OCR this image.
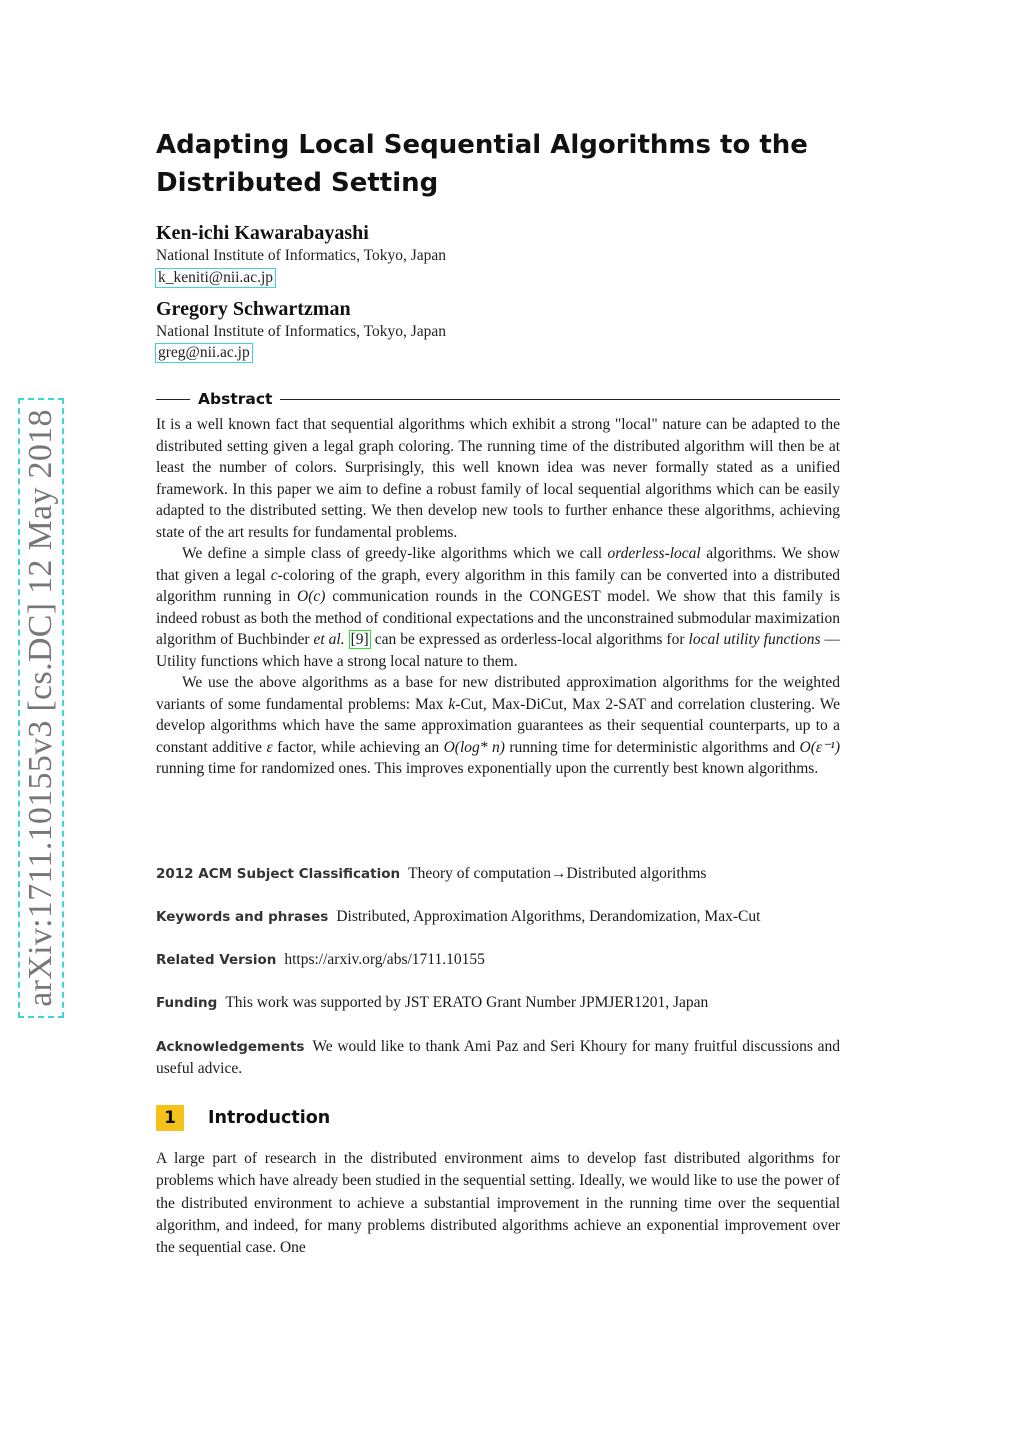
arXiv:1711.10155v3 [cs.DC] 12 May 2018
Adapting Local Sequential Algorithms to the
Distributed Setting
Ken-ichi Kawarabayashi
National Institute of Informatics, Tokyo, Japan
k_keniti@nii.ac.jp
Gregory Schwartzman
National Institute of Informatics, Tokyo, Japan
greg@nii.ac.jp
Abstract

It is a well known fact that sequential algorithms which exhibit a strong "local" nature can be adapted to the distributed setting given a legal graph coloring. The running time of the distributed algorithm will then be at least the number of colors. Surprisingly, this well known idea was never formally stated as a unified framework. In this paper we aim to define a robust family of local sequential algorithms which can be easily adapted to the distributed setting. We then develop new tools to further enhance these algorithms, achieving state of the art results for fundamental problems.

We define a simple class of greedy-like algorithms which we call orderless-local algorithms. We show that given a legal c-coloring of the graph, every algorithm in this family can be converted into a distributed algorithm running in O(c) communication rounds in the CONGEST model. We show that this family is indeed robust as both the method of conditional expectations and the unconstrained submodular maximization algorithm of Buchbinder et al. [9] can be expressed as orderless-local algorithms for local utility functions — Utility functions which have a strong local nature to them.

We use the above algorithms as a base for new distributed approximation algorithms for the weighted variants of some fundamental problems: Max k-Cut, Max-DiCut, Max 2-SAT and correlation clustering. We develop algorithms which have the same approximation guarantees as their sequential counterparts, up to a constant additive ε factor, while achieving an O(log* n) running time for deterministic algorithms and O(ε⁻¹) running time for randomized ones. This improves exponentially upon the currently best known algorithms.

2012 ACM Subject Classification Theory of computation→Distributed algorithms
Keywords and phrases Distributed, Approximation Algorithms, Derandomization, Max-Cut
Related Version https://arxiv.org/abs/1711.10155
Funding This work was supported by JST ERATO Grant Number JPMJER1201, Japan
Acknowledgements We would like to thank Ami Paz and Seri Khoury for many fruitful discussions and useful advice.
1	Introduction

A large part of research in the distributed environment aims to develop fast distributed algorithms for problems which have already been studied in the sequential setting. Ideally, we would like to use the power of the distributed environment to achieve a substantial improvement in the running time over the sequential algorithm, and indeed, for many problems distributed algorithms achieve an exponential improvement over the sequential case. One
